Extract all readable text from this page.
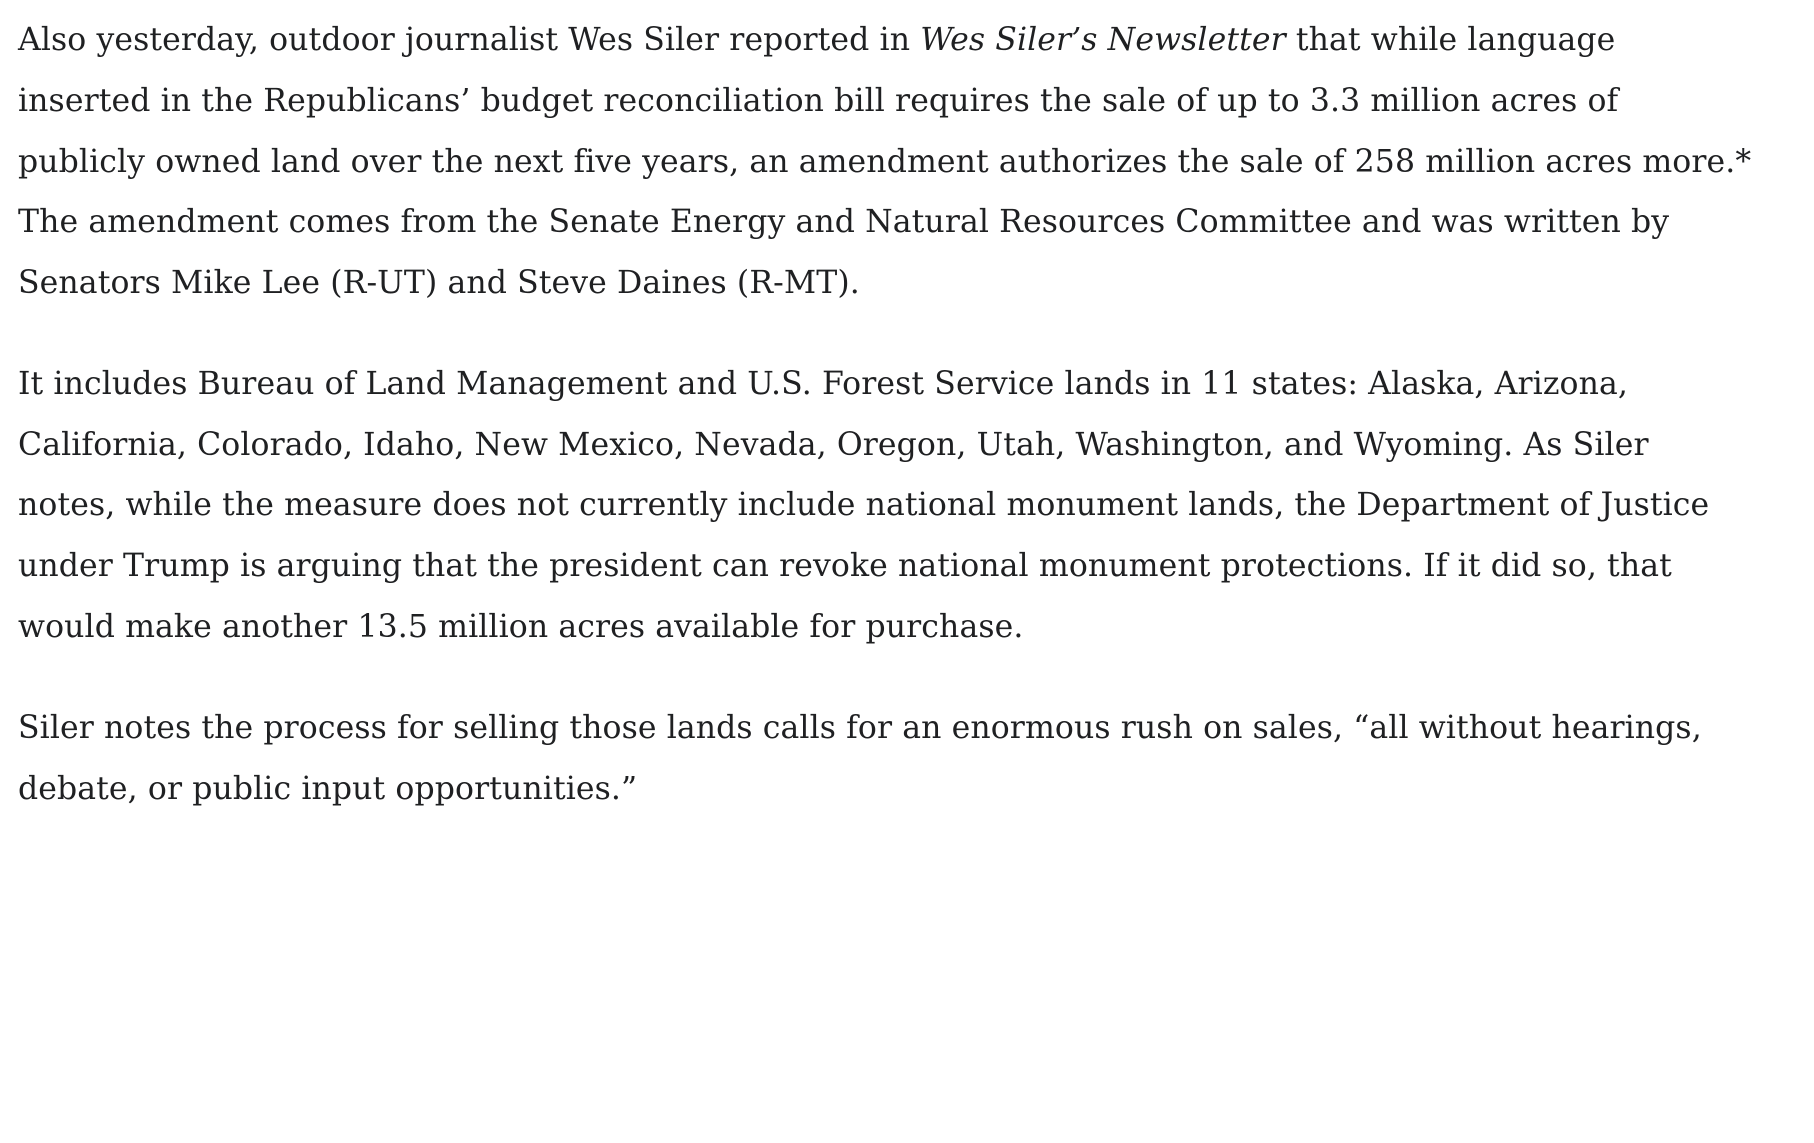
Also yesterday, outdoor journalist Wes Siler reported in Wes Siler’s Newsletter that while language inserted in the Republicans’ budget reconciliation bill requires the sale of up to 3.3 million acres of publicly owned land over the next five years, an amendment authorizes the sale of 258 million acres more.* The amendment comes from the Senate Energy and Natural Resources Committee and was written by Senators Mike Lee (R-UT) and Steve Daines (R-MT).

It includes Bureau of Land Management and U.S. Forest Service lands in 11 states: Alaska, Arizona, California, Colorado, Idaho, New Mexico, Nevada, Oregon, Utah, Washington, and Wyoming. As Siler notes, while the measure does not currently include national monument lands, the Department of Justice under Trump is arguing that the president can revoke national monument protections. If it did so, that would make another 13.5 million acres available for purchase.

Siler notes the process for selling those lands calls for an enormous rush on sales, “all without hearings, debate, or public input opportunities.”
